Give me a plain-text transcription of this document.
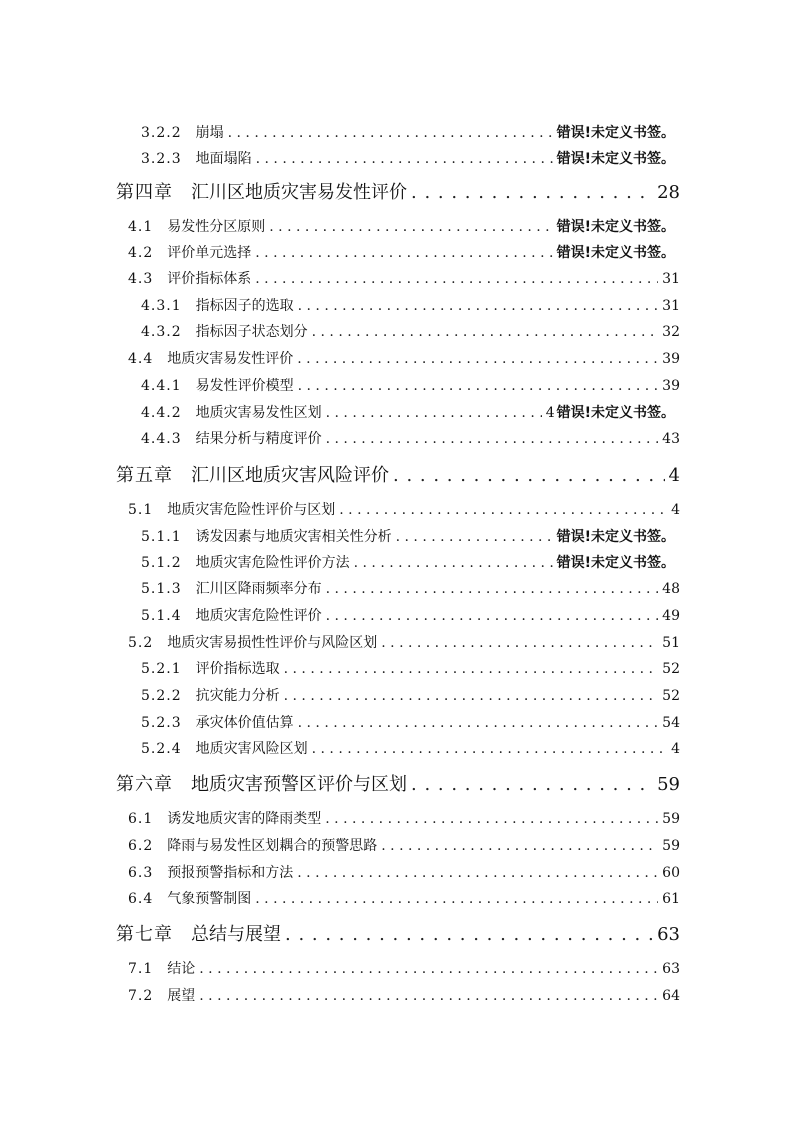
3.2.2 崩塌 . . .	错误!未定义书签。
3.2.3 地面塌陷 . . .	错误!未定义书签。
第四章 汇川区地质灾害易发性评价 . . .	28
4.1 易发性分区原则 . . .	错误!未定义书签。
4.2 评价单元选择 . . .	错误!未定义书签。
4.3 评价指标体系 . . .	31
4.3.1 指标因子的选取 . . .	31
4.3.2 指标因子状态划分 . . .	32
4.4 地质灾害易发性评价 . . .	39
4.4.1 易发性评价模型 . . .	39
4.4.2 地质灾害易发性区划 . . .	4 错误!未定义书签。
4.4.3 结果分析与精度评价 . . .	43
第五章 汇川区地质灾害风险评价 . . .	4
5.1 地质灾害危险性评价与区划 . . .	4
5.1.1 诱发因素与地质灾害相关性分析 . . .	错误!未定义书签。
5.1.2 地质灾害危险性评价方法 . . .	错误!未定义书签。
5.1.3 汇川区降雨频率分布 . . .	48
5.1.4 地质灾害危险性评价 . . .	49
5.2 地质灾害易损性性评价与风险区划 . . .	51
5.2.1 评价指标选取 . . .	52
5.2.2 抗灾能力分析 . . .	52
5.2.3 承灾体价值估算 . . .	54
5.2.4 地质灾害风险区划 . . .	4
第六章 地质灾害预警区评价与区划 . . .	59
6.1 诱发地质灾害的降雨类型 . . .	59
6.2 降雨与易发性区划耦合的预警思路 . . .	59
6.3 预报预警指标和方法 . . .	60
6.4 气象预警制图 . . .	61
第七章 总结与展望 . . .	63
7.1 结论 . . .	63
7.2 展望 . . .	64
